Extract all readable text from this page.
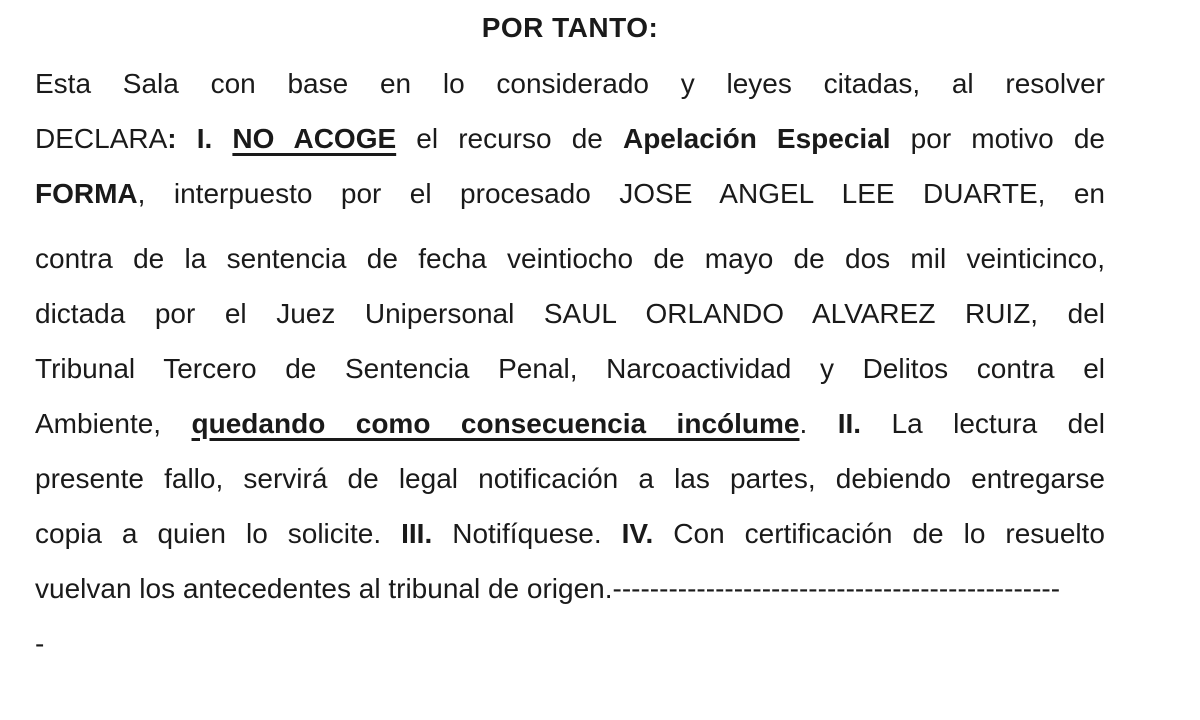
POR TANTO:
Esta Sala con base en lo considerado y leyes citadas, al resolver
DECLARA: I. NO ACOGE el recurso de Apelación Especial por motivo de
FORMA, interpuesto por el procesado JOSE ANGEL LEE DUARTE, en
contra de la sentencia de fecha veintiocho de mayo de dos mil veinticinco,
dictada por el Juez Unipersonal SAUL ORLANDO ALVAREZ RUIZ, del
Tribunal Tercero de Sentencia Penal, Narcoactividad y Delitos contra el
Ambiente, quedando como consecuencia incólume. II. La lectura del
presente fallo, servirá de legal notificación a las partes, debiendo entregarse
copia a quien lo solicite. III. Notifíquese. IV. Con certificación de lo resuelto
vuelvan los antecedentes al tribunal de origen.------------------------------------------------
-
